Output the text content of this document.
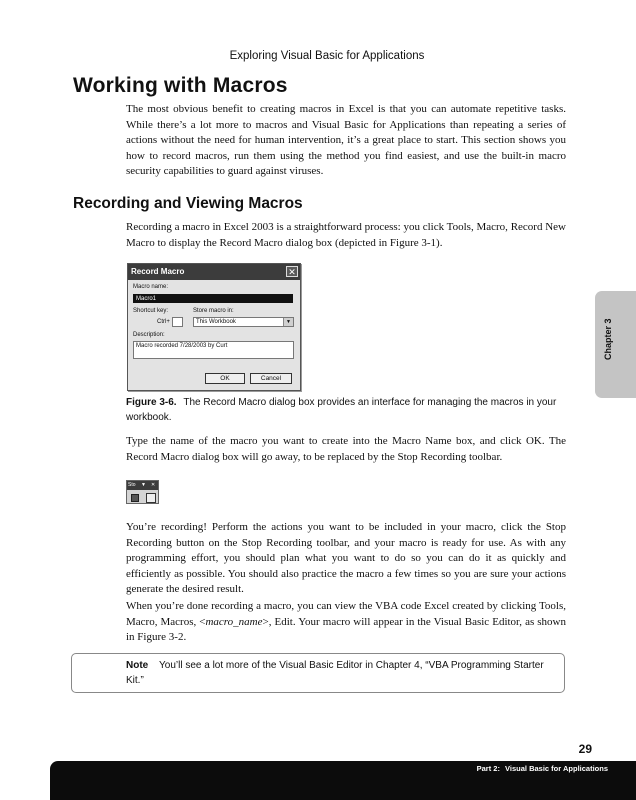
Exploring Visual Basic for Applications
Working with Macros

The most obvious benefit to creating macros in Excel is that you can automate repetitive tasks. While there’s a lot more to macros and Visual Basic for Applications than repeating a series of actions without the need for human intervention, it’s a great place to start. This section shows you how to record macros, run them using the method you find easiest, and use the built-in macro security capabilities to guard against viruses.

Recording and Viewing Macros

Recording a macro in Excel 2003 is a straightforward process: you click Tools, Macro, Record New Macro to display the Record Macro dialog box (depicted in Figure 3-1).

Record Macro	✕
Macro name:
Macro1
Shortcut key:
Ctrl+
Store macro in:
This Workbook	▼
Description:
Macro recorded 7/28/2003 by Curt
OK	Cancel
Figure 3-6. The Record Macro dialog box provides an interface for managing the macros in your workbook.

Type the name of the macro you want to create into the Macro Name box, and click OK. The Record Macro dialog box will go away, to be replaced by the Stop Recording toolbar.

Sto ▼ ✕

You’re recording! Perform the actions you want to be included in your macro, click the Stop Recording button on the Stop Recording toolbar, and your macro is ready for use. As with any programming effort, you should plan what you want to do so you can do it as quickly and efficiently as possible. You should also practice the macro a few times so you are sure your actions generate the desired result.

When you’re done recording a macro, you can view the VBA code Excel created by clicking Tools, Macro, Macros, <macro_name>, Edit. Your macro will appear in the Visual Basic Editor, as shown in Figure 3-2.

Note You’ll see a lot more of the Visual Basic Editor in Chapter 4, “VBA Programming Starter Kit.”
Chapter 3
29
Part 2: Visual Basic for Applications
